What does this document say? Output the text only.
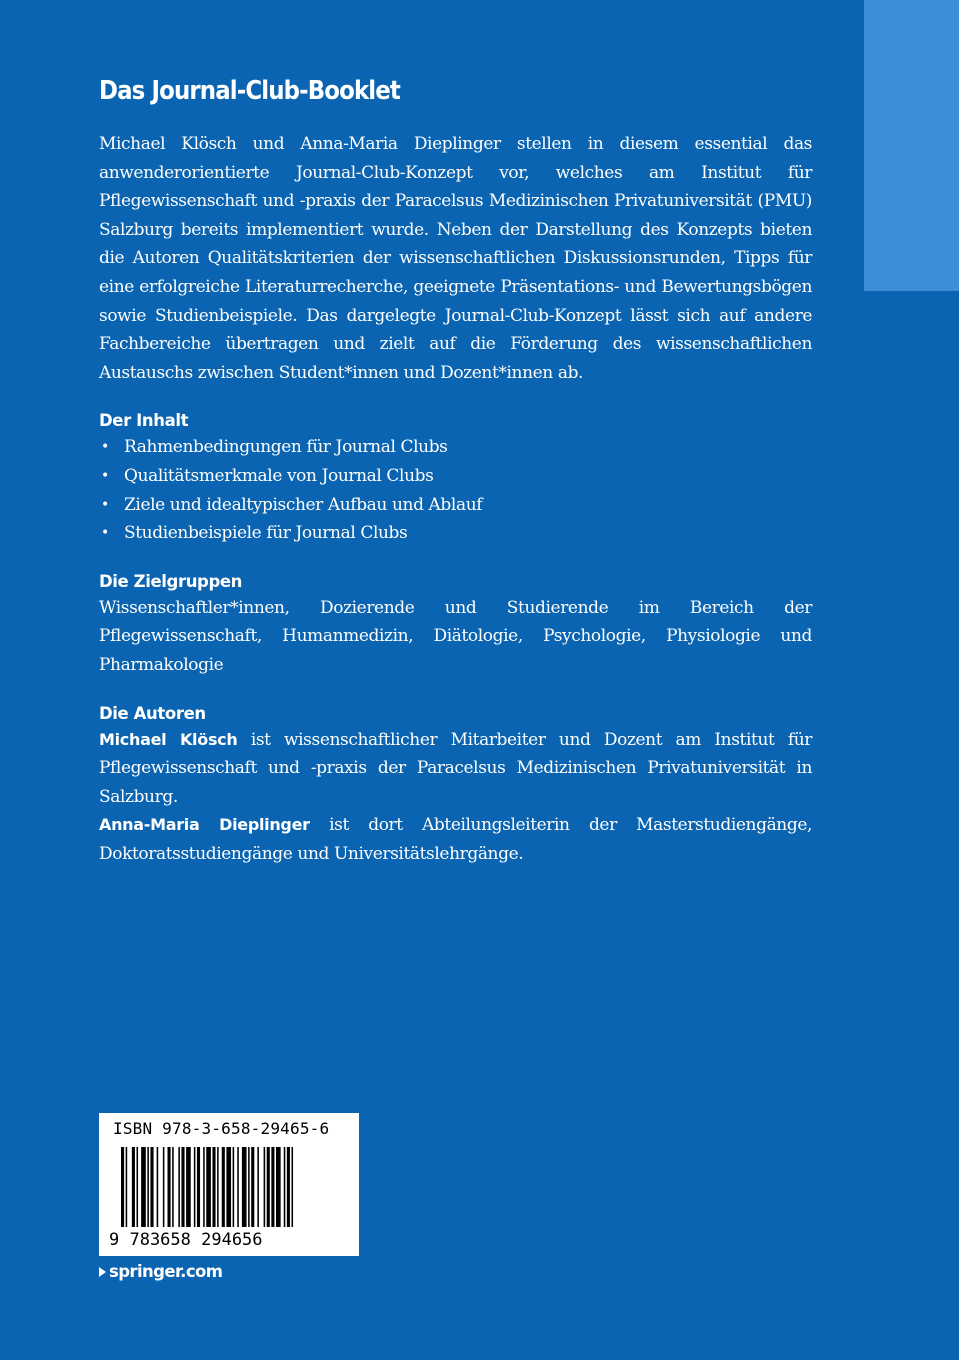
Das Journal-Club-Booklet

Michael Klösch und Anna-Maria Dieplinger stellen in diesem essential das anwenderorientierte Journal-Club-Konzept vor, welches am Institut für Pflegewissenschaft und -praxis der Paracelsus Medizinischen Privatuniversität (PMU) Salzburg bereits implementiert wurde. Neben der Darstellung des Konzepts bieten die Autoren Qualitätskriterien der wissenschaftlichen Diskussionsrunden, Tipps für eine erfolgreiche Literaturrecherche, geeignete Präsentations- und Bewertungsbögen sowie Studienbeispiele. Das dargelegte Journal-Club-Konzept lässt sich auf andere Fachbereiche übertragen und zielt auf die Förderung des wissenschaftlichen Austauschs zwischen Student*innen und Dozent*innen ab.

Der Inhalt
• Rahmenbedingungen für Journal Clubs
• Qualitätsmerkmale von Journal Clubs
• Ziele und idealtypischer Aufbau und Ablauf
• Studienbeispiele für Journal Clubs
Die Zielgruppen

Wissenschaftler*innen, Dozierende und Studierende im Bereich der Pflegewissenschaft, Humanmedizin, Diätologie, Psychologie, Physiologie und Pharmakologie

Die Autoren

Michael Klösch ist wissenschaftlicher Mitarbeiter und Dozent am Institut für Pflegewissenschaft und -praxis der Paracelsus Medizinischen Privatuniversität in Salzburg.

Anna-Maria Dieplinger ist dort Abteilungsleiterin der Masterstudiengänge, Doktoratsstudiengänge und Universitätslehrgänge.

ISBN 978-3-658-29465-6
9 783658 294656
springer.com
